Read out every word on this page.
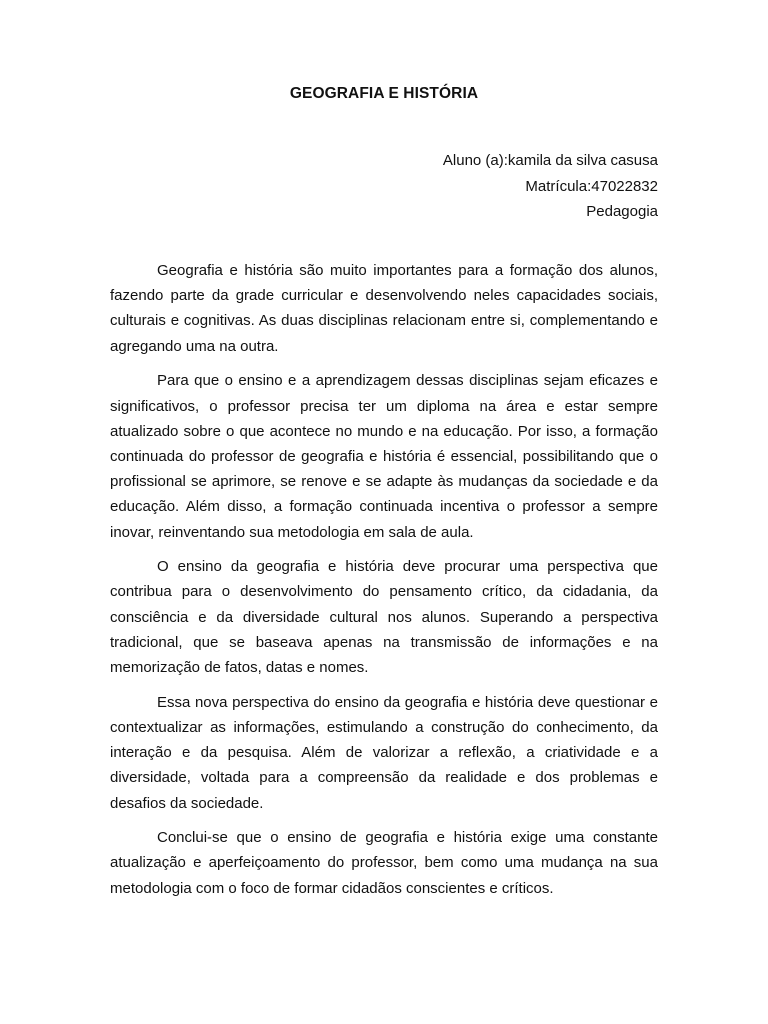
GEOGRAFIA E HISTÓRIA
Aluno (a):kamila da silva casusa
Matrícula:47022832
Pedagogia

Geografia e história são muito importantes para a formação dos alunos, fazendo parte da grade curricular e desenvolvendo neles capacidades sociais, culturais e cognitivas. As duas disciplinas relacionam entre si, complementando e agregando uma na outra.

Para que o ensino e a aprendizagem dessas disciplinas sejam eficazes e significativos, o professor precisa ter um diploma na área e estar sempre atualizado sobre o que acontece no mundo e na educação. Por isso, a formação continuada do professor de geografia e história é essencial, possibilitando que o profissional se aprimore, se renove e se adapte às mudanças da sociedade e da educação. Além disso, a formação continuada incentiva o professor a sempre inovar, reinventando sua metodologia em sala de aula.

O ensino da geografia e história deve procurar uma perspectiva que contribua para o desenvolvimento do pensamento crítico, da cidadania, da consciência e da diversidade cultural nos alunos. Superando a perspectiva tradicional, que se baseava apenas na transmissão de informações e na memorização de fatos, datas e nomes.

Essa nova perspectiva do ensino da geografia e história deve questionar e contextualizar as informações, estimulando a construção do conhecimento, da interação e da pesquisa. Além de valorizar a reflexão, a criatividade e a diversidade, voltada para a compreensão da realidade e dos problemas e desafios da sociedade.

Conclui-se que o ensino de geografia e história exige uma constante atualização e aperfeiçoamento do professor, bem como uma mudança na sua metodologia com o foco de formar cidadãos conscientes e críticos.
